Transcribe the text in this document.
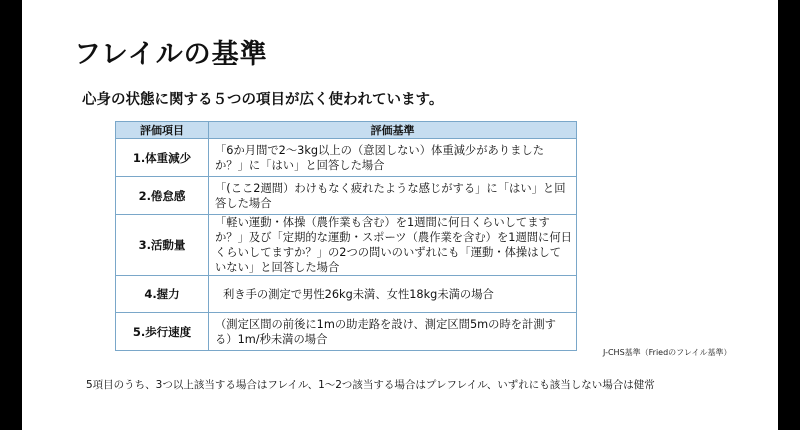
フレイルの基準
心身の状態に関する５つの項目が広く使われています。
評価項目	評価基準
1.体重減少	「6か月間で2～3kg以上の（意図しない）体重減少がありましたか？」に「はい」と回答した場合
2.倦怠感	「(ここ2週間）わけもなく疲れたような感じがする」に「はい」と回答した場合
3.活動量	「軽い運動・体操（農作業も含む）を1週間に何日くらいしてますか？」及び「定期的な運動・スポーツ（農作業を含む）を1週間に何日くらいしてますか？」の2つの問いのいずれにも「運動・体操はしていない」と回答した場合
4.握力	利き手の測定で男性26kg未満、女性18kg未満の場合
5.歩行速度	（測定区間の前後に1mの助走路を設け、測定区間5mの時を計測する）1m/秒未満の場合
J-CHS基準（Friedのフレイル基準）
5項目のうち、3つ以上該当する場合はフレイル、1〜2つ該当する場合はプレフレイル、いずれにも該当しない場合は健常
